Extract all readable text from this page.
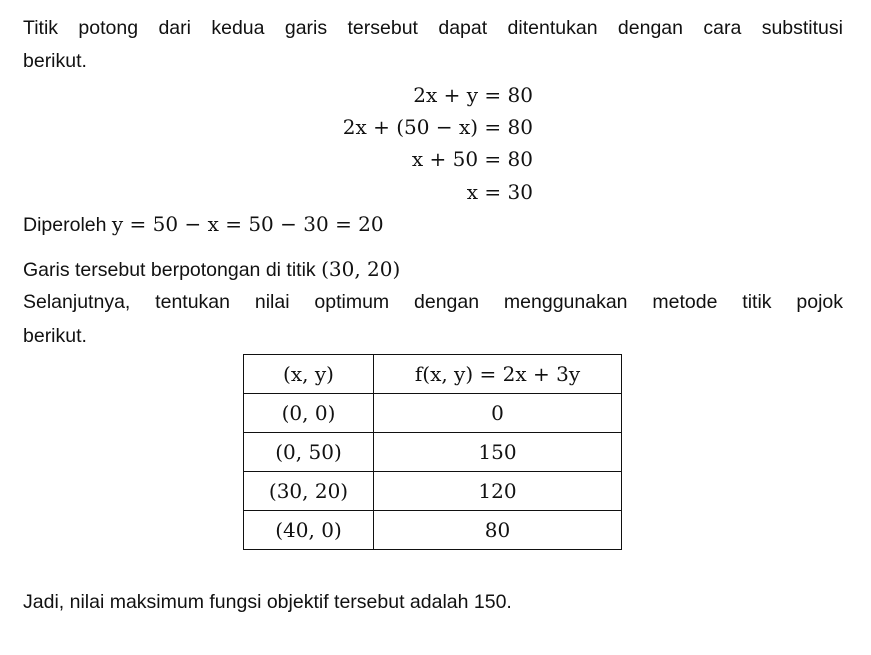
Titik potong dari kedua garis tersebut dapat ditentukan dengan cara substitusi
berikut.
2x + y = 80
2x + (50 − x) = 80
x + 50 = 80
x = 30
Diperoleh y = 50 − x = 50 − 30 = 20
Garis tersebut berpotongan di titik (30, 20)
Selanjutnya, tentukan nilai optimum dengan menggunakan metode titik pojok
berikut.
(x, y)	f(x, y) = 2x + 3y
(0, 0)	0
(0, 50)	150
(30, 20)	120
(40, 0)	80
Jadi, nilai maksimum fungsi objektif tersebut adalah 150.
